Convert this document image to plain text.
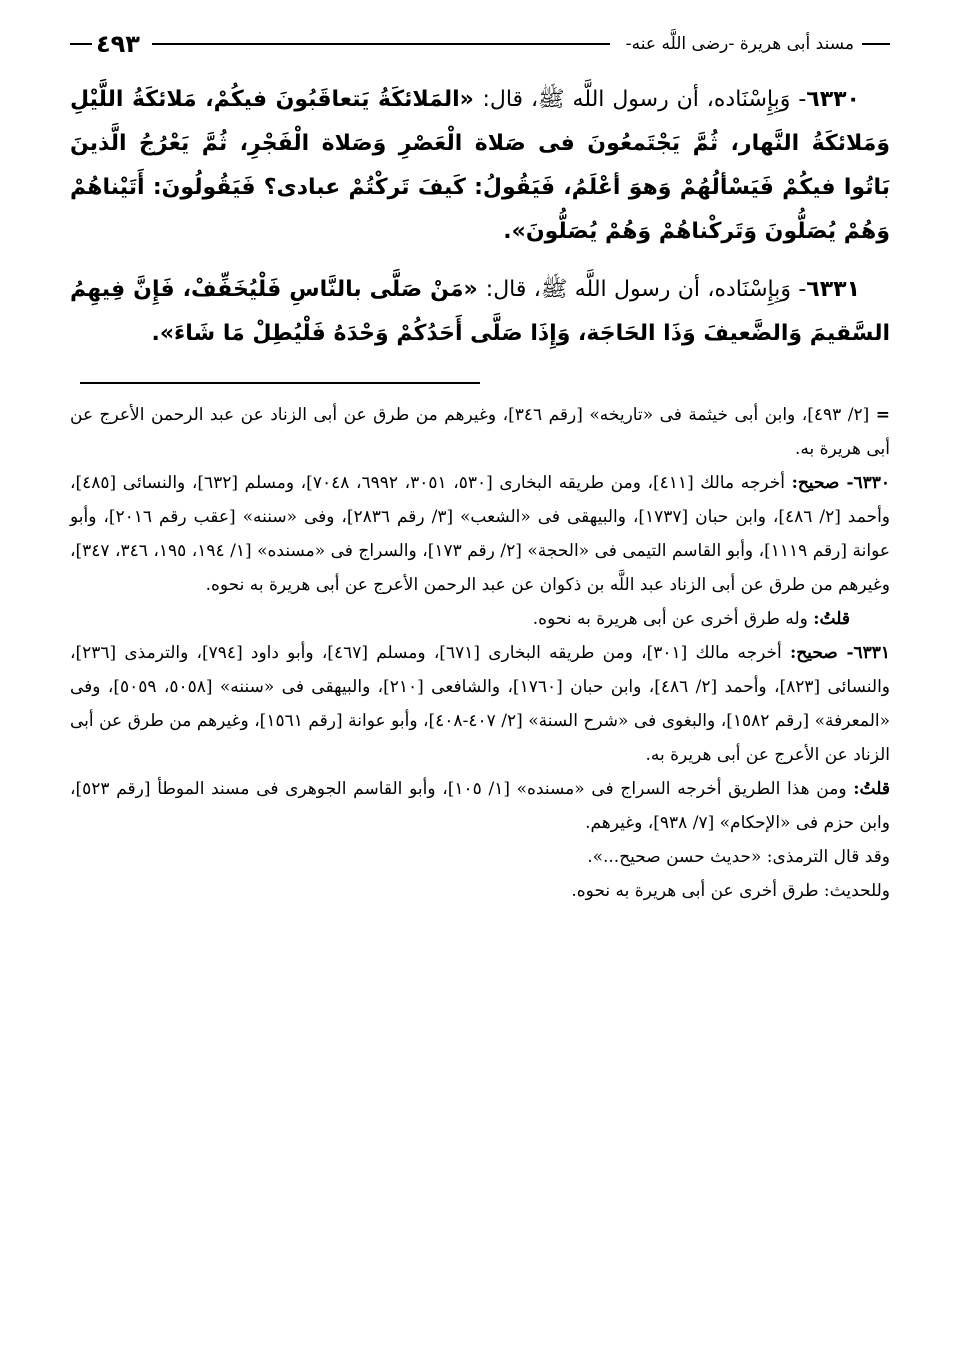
مسند أبى هريرة -رضى اللَّه عنه-
٤٩٣

٦٣٣٠- وَبِإِسْنَاده، أن رسول اللَّه ﷺ، قال: «المَلائكَةُ يَتعاقَبُونَ فيكُمْ، مَلائكَةُ اللَّيْلِ وَمَلائكَةُ النَّهار، ثُمَّ يَجْتَمعُونَ فى صَلاة الْعَصْرِ وَصَلاة الْفَجْرِ، ثُمَّ يَعْرُجُ الَّذينَ بَاتُوا فيكُمْ فَيَسْألُهُمْ وَهوَ أعْلَمُ، فَيَقُولُ: كَيفَ تَركْتُمْ عبادى؟ فَيَقُولُونَ: أَتَيْناهُمْ وَهُمْ يُصَلُّونَ وَتَركْناهُمْ وَهُمْ يُصَلُّونَ».

٦٣٣١- وَبِإِسْنَاده، أن رسول اللَّه ﷺ، قال: «مَنْ صَلَّى بالنَّاسِ فَلْيُخَفِّفْ، فَإِنَّ فِيهِمُ السَّقيمَ وَالضَّعيفَ وَذَا الحَاجَة، وَإِذَا صَلَّى أَحَدُكُمْ وَحْدَهُ فَلْيُطِلْ مَا شَاءَ».

= [٢/ ٤٩٣]، وابن أبى خيثمة فى «تاريخه» [رقم ٣٤٦]، وغيرهم من طرق عن أبى الزناد عن عبد الرحمن الأعرج عن أبى هريرة به.

٦٣٣٠- صحيح: أخرجه مالك [٤١١]، ومن طريقه البخارى [٥٣٠، ٣٠٥١، ٦٩٩٢، ٧٠٤٨]، ومسلم [٦٣٢]، والنسائى [٤٨٥]، وأحمد [٢/ ٤٨٦]، وابن حبان [١٧٣٧]، والبيهقى فى «الشعب» [٣/ رقم ٢٨٣٦]، وفى «سننه» [عقب رقم ٢٠١٦]، وأبو عوانة [رقم ١١١٩]، وأبو القاسم التيمى فى «الحجة» [٢/ رقم ١٧٣]، والسراج فى «مسنده» [١/ ١٩٤، ١٩٥، ٣٤٦، ٣٤٧]، وغيرهم من طرق عن أبى الزناد عبد اللَّه بن ذكوان عن عبد الرحمن الأعرج عن أبى هريرة به نحوه.

قلتُ: وله طرق أخرى عن أبى هريرة به نحوه.

٦٣٣١- صحيح: أخرجه مالك [٣٠١]، ومن طريقه البخارى [٦٧١]، ومسلم [٤٦٧]، وأبو داود [٧٩٤]، والترمذى [٢٣٦]، والنسائى [٨٢٣]، وأحمد [٢/ ٤٨٦]، وابن حبان [١٧٦٠]، والشافعى [٢١٠]، والبيهقى فى «سننه» [٥٠٥٨، ٥٠٥٩]، وفى «المعرفة» [رقم ١٥٨٢]، والبغوى فى «شرح السنة» [٢/ ٤٠٧-٤٠٨]، وأبو عوانة [رقم ١٥٦١]، وغيرهم من طرق عن أبى الزناد عن الأعرج عن أبى هريرة به.

قلتُ: ومن هذا الطريق أخرجه السراج فى «مسنده» [١/ ١٠٥]، وأبو القاسم الجوهرى فى مسند الموطأ [رقم ٥٢٣]، وابن حزم فى «الإحكام» [٧/ ٩٣٨]، وغيرهم.

وقد قال الترمذى: «حديث حسن صحيح...».

وللحديث: طرق أخرى عن أبى هريرة به نحوه.
